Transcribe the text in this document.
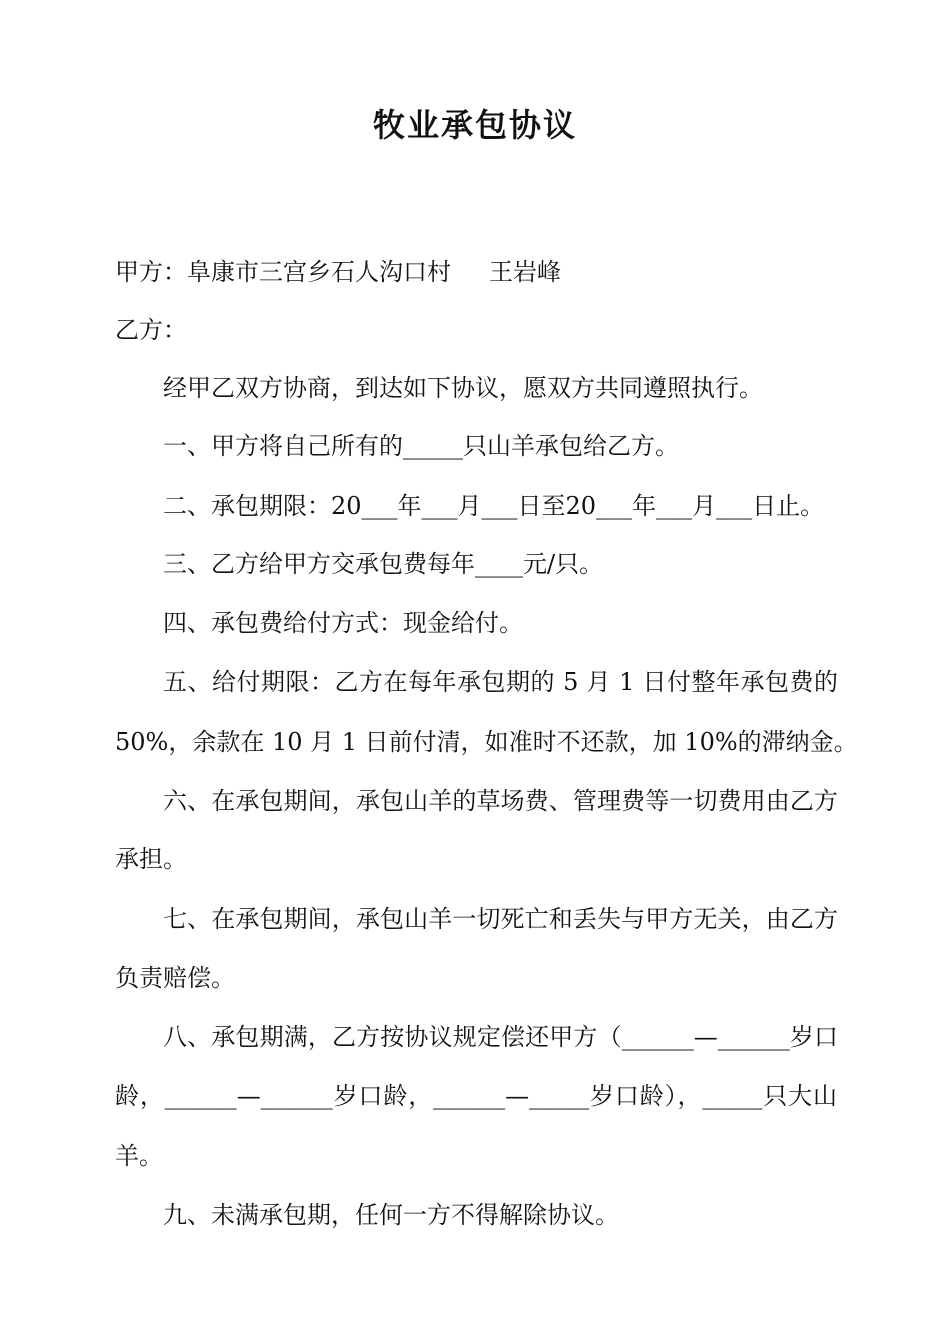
牧业承包协议
甲方：阜康市三宫乡石人沟口村 王岩峰
乙方：
经甲乙双方协商，到达如下协议，愿双方共同遵照执行。
一、甲方将自己所有的_____只山羊承包给乙方。
二、承包期限：20___年___月___日至20___年___月___日止。
三、乙方给甲方交承包费每年____元/只。
四、承包费给付方式：现金给付。
五、给付期限：乙方在每年承包期的 5 月 1 日付整年承包费的
50%，余款在 10 月 1 日前付清，如准时不还款，加 10%的滞纳金。
六、在承包期间，承包山羊的草场费、管理费等一切费用由乙方
承担。
七、在承包期间，承包山羊一切死亡和丢失与甲方无关，由乙方
负责赔偿。
八、承包期满，乙方按协议规定偿还甲方（______—______岁口
龄，______—______岁口龄，______—_____岁口龄），_____只大山
羊。
九、未满承包期，任何一方不得解除协议。
